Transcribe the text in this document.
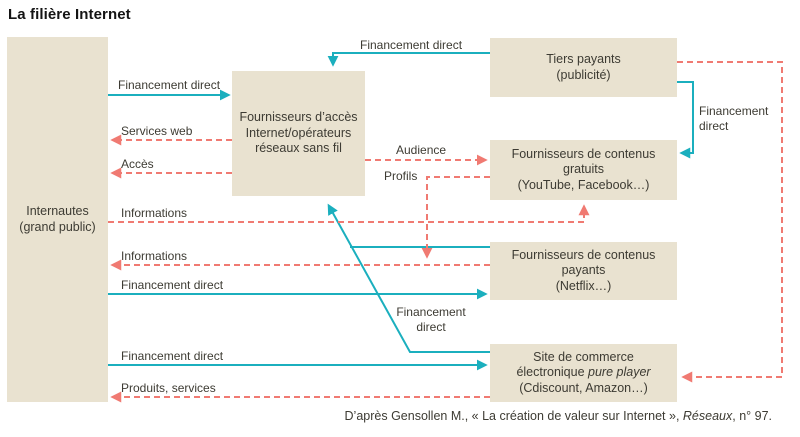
La filière Internet
Internautes
(grand public)
Fournisseurs d’accès
Internet/opérateurs
réseaux sans fil
Tiers payants
(publicité)
Fournisseurs de contenus
gratuits
(YouTube, Facebook…)
Fournisseurs de contenus
payants
(Netflix…)
Site de commerce
électronique pure player
(Cdiscount, Amazon…)
Financement direct
Financement direct
Services web
Accès
Informations
Informations
Financement direct
Financement direct
Produits, services
Audience
Profils
Financement
direct
Financement
direct
D’après Gensollen M., « La création de valeur sur Internet », Réseaux, n° 97.
